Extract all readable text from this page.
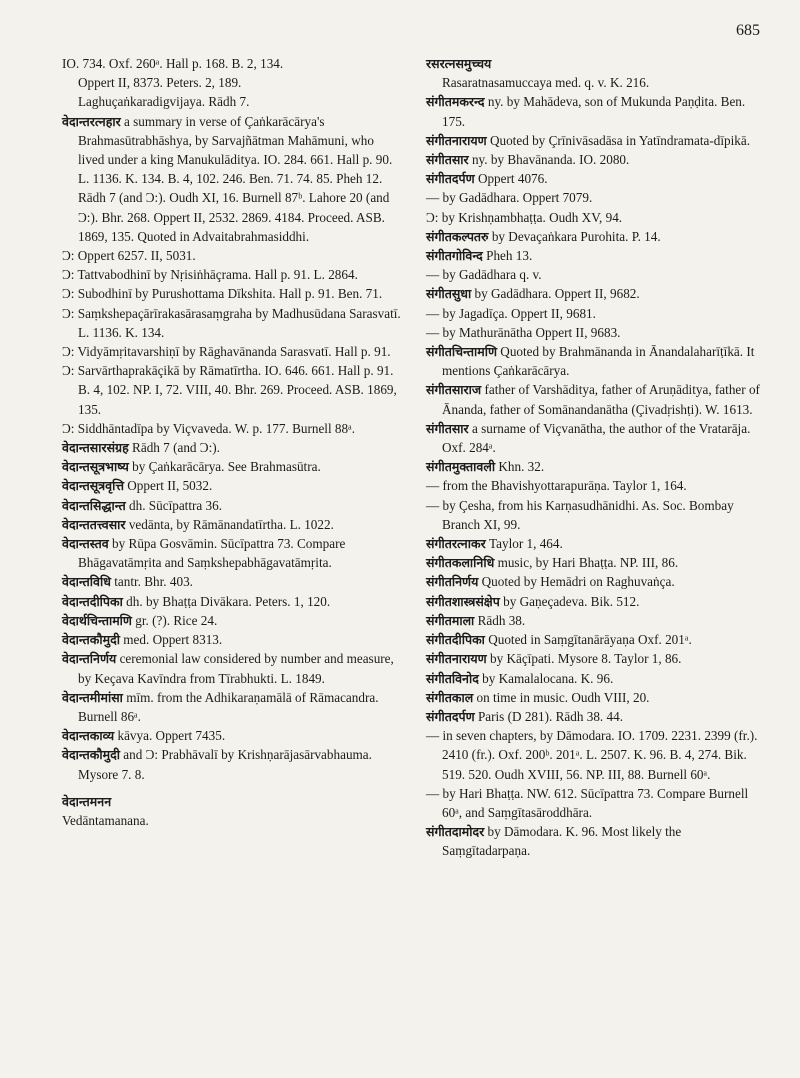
685

IO. 734. Oxf. 260ᵃ. Hall p. 168. B. 2, 134.

Oppert II, 8373. Peters. 2, 189.

Laghuçaṅkaradigvijaya. Rādh 7.

वेदान्तरत्नहार a summary in verse of Çaṅkarācārya's Brahmasūtrabhāshya, by Sarvajñātman Mahāmuni, who lived under a king Manukulāditya. IO. 284. 661. Hall p. 90. L. 1136. K. 134. B. 4, 102. 246. Ben. 71. 74. 85. Pheh 12. Rādh 7 (and Ɔ:). Oudh XI, 16. Burnell 87ᵇ. Lahore 20 (and Ɔ:). Bhr. 268. Oppert II, 2532. 2869. 4184. Proceed. ASB. 1869, 135. Quoted in Advaitabrahmasiddhi.

Ɔ: Oppert 6257. II, 5031.

Ɔ: Tattvabodhinī by Nṛisiṅhāçrama. Hall p. 91. L. 2864.

Ɔ: Subodhinī by Purushottama Dīkshita. Hall p. 91. Ben. 71.

Ɔ: Saṃkshepaçārīrakasārasaṃgraha by Madhusūdana Sarasvatī. L. 1136. K. 134.

Ɔ: Vidyāmṛitavarshiṇī by Rāghavānanda Sarasvatī. Hall p. 91.

Ɔ: Sarvārthaprakāçikā by Rāmatīrtha. IO. 646. 661. Hall p. 91. B. 4, 102. NP. I, 72. VIII, 40. Bhr. 269. Proceed. ASB. 1869, 135.

Ɔ: Siddhāntadīpa by Viçvaveda. W. p. 177. Burnell 88ᵃ.

वेदान्तसारसंग्रह Rādh 7 (and Ɔ:).

वेदान्तसूत्रभाष्य by Çaṅkarācārya. See Brahmasūtra.

वेदान्तसूत्रवृत्ति Oppert II, 5032.

वेदान्तसिद्धान्त dh. Sūcīpattra 36.

वेदान्ततत्त्वसार vedānta, by Rāmānandatīrtha. L. 1022.

वेदान्तस्तव by Rūpa Gosvāmin. Sūcīpattra 73. Compare Bhāgavatāmṛita and Saṃkshepabhāgavatāmṛita.

वेदान्तविधि tantr. Bhr. 403.

वेदान्तदीपिका dh. by Bhaṭṭa Divākara. Peters. 1, 120.

वेदार्थचिन्तामणि gr. (?). Rice 24.

वेदान्तकौमुदी med. Oppert 8313.

वेदान्तनिर्णय ceremonial law considered by number and measure, by Keçava Kavīndra from Tīrabhukti. L. 1849.

वेदान्तमीमांसा mīm. from the Adhikaraṇamālā of Rāmacandra. Burnell 86ᵃ.

वेदान्तकाव्य kāvya. Oppert 7435.

वेदान्तकौमुदी and Ɔ: Prabhāvalī by Krishṇarājasārvabhauma. Mysore 7. 8.

वेदान्तमनन

Vedāntamanana.

रसरत्नसमुच्चय

Rasaratnasamuccaya med. q. v. K. 216.

संगीतमकरन्द ny. by Mahādeva, son of Mukunda Paṇḍita. Ben. 175.

संगीतनारायण Quoted by Çrīnivāsadāsa in Yatīndramata-dīpikā.

संगीतसार ny. by Bhavānanda. IO. 2080.

संगीतदर्पण Oppert 4076.

— by Gadādhara. Oppert 7079.

Ɔ: by Krishṇambhaṭṭa. Oudh XV, 94.

संगीतकल्पतरु by Devaçaṅkara Purohita. P. 14.

संगीतगोविन्द Pheh 13.

— by Gadādhara q. v.

संगीतसुधा by Gadādhara. Oppert II, 9682.

— by Jagadīça. Oppert II, 9681.

— by Mathurānātha Oppert II, 9683.

संगीतचिन्तामणि Quoted by Brahmānanda in Ānandalaharīṭīkā. It mentions Çaṅkarācārya.

संगीतसाराज father of Varshāditya, father of Aruṇāditya, father of Ānanda, father of Somānandanātha (Çivadṛishṭi). W. 1613.

संगीतसार a surname of Viçvanātha, the author of the Vratarāja. Oxf. 284ᵃ.

संगीतमुक्तावली Khn. 32.

— from the Bhavishyottarapurāṇa. Taylor 1, 164.

— by Çesha, from his Karṇasudhānidhi. As. Soc. Bombay Branch XI, 99.

संगीतरत्नाकर Taylor 1, 464.

संगीतकलानिधि music, by Hari Bhaṭṭa. NP. III, 86.

संगीतनिर्णय Quoted by Hemādri on Raghuvaṅça.

संगीतशास्त्रसंक्षेप by Gaṇeçadeva. Bik. 512.

संगीतमाला Rādh 38.

संगीतदीपिका Quoted in Saṃgītanārāyaṇa Oxf. 201ᵃ.

संगीतनारायण by Kāçīpati. Mysore 8. Taylor 1, 86.

संगीतविनोद by Kamalalocana. K. 96.

संगीतकाल on time in music. Oudh VIII, 20.

संगीतदर्पण Paris (D 281). Rādh 38. 44.

— in seven chapters, by Dāmodara. IO. 1709. 2231. 2399 (fr.). 2410 (fr.). Oxf. 200ᵇ. 201ᵃ. L. 2507. K. 96. B. 4, 274. Bik. 519. 520. Oudh XVIII, 56. NP. III, 88. Burnell 60ᵃ.

— by Hari Bhaṭṭa. NW. 612. Sūcīpattra 73. Compare Burnell 60ᵃ, and Saṃgītasāroddhāra.

संगीतदामोदर by Dāmodara. K. 96. Most likely the Saṃgītadarpaṇa.
